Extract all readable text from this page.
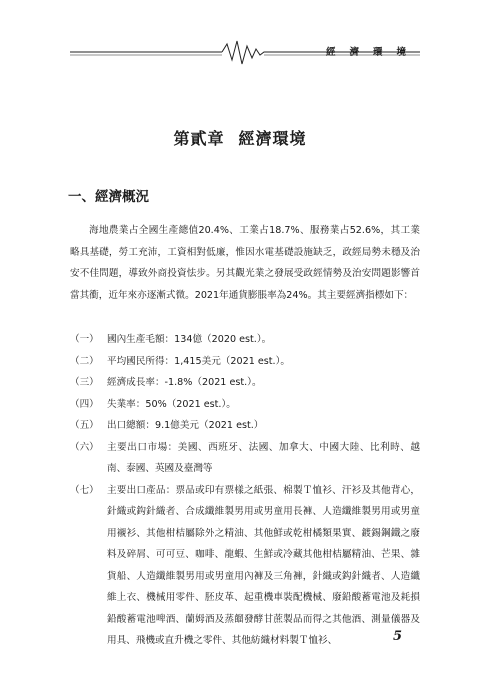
經濟環境
第貳章 經濟環境
一、經濟概況

海地農業占全國生產總值20.4%、工業占18.7%、服務業占52.6%，其工業略具基礎，勞工充沛，工資相對低廉，惟因水電基礎設施缺乏，政經局勢未穩及治安不佳問題，導致外商投資怯步。另其觀光業之發展受政經情勢及治安問題影響首當其衝，近年來亦逐漸式微。2021年通貨膨脹率為24%。其主要經濟指標如下：

（一） 國內生產毛額：134億（2020 est.）。
（二） 平均國民所得：1,415美元（2021 est.）。
（三） 經濟成長率：-1.8%（2021 est.）。
（四） 失業率：50%（2021 est.）。
（五） 出口總額：9.1億美元（2021 est.）
（六） 主要出口市場：美國、西班牙、法國、加拿大、中國大陸、比利時、越南、泰國、英國及臺灣等
（七） 主要出口產品：票品或印有票樣之紙張、棉製Ｔ恤衫、汗衫及其他背心，針織或鈎針織者、合成纖維製男用或男童用長褲、人造纖維製男用或男童用襯衫、其他柑桔屬除外之精油、其他鮮或乾柑橘類果實、鍍錫鋼鐵之廢料及碎屑、可可豆、咖啡、龍蝦、生鮮或冷藏其他柑桔屬精油、芒果、雜貨船、人造纖維製男用或男童用內褲及三角褲，針織或鈎針織者、人造纖維上衣、機械用零件、胚皮革、起重機車裝配機械、廢鉛酸蓄電池及耗損鉛酸蓄電池啤酒、蘭姆酒及蒸餾發酵甘蔗製品而得之其他酒、測量儀器及用具、飛機或直升機之零件、其他紡織材料製Ｔ恤衫、	5
